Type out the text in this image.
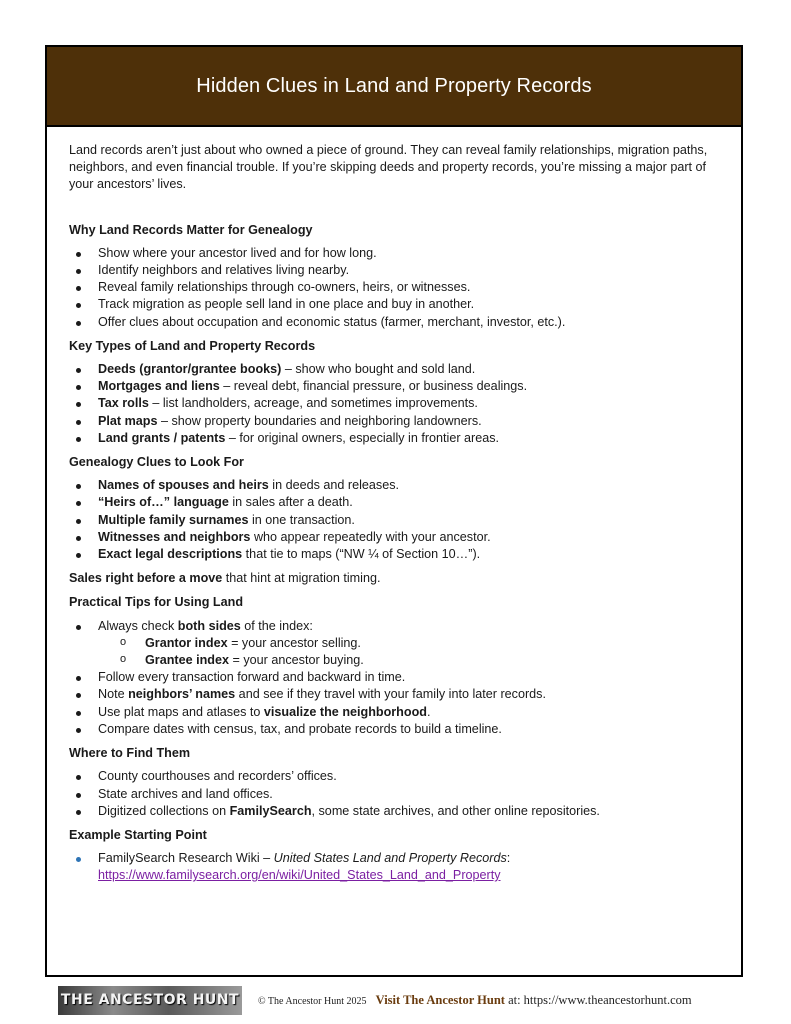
Hidden Clues in Land and Property Records

Land records aren’t just about who owned a piece of ground. They can reveal family relationships, migration paths, neighbors, and even financial trouble. If you’re skipping deeds and property records, you’re missing a major part of your ancestors’ lives.

Why Land Records Matter for Genealogy
Show where your ancestor lived and for how long.
Identify neighbors and relatives living nearby.
Reveal family relationships through co-owners, heirs, or witnesses.
Track migration as people sell land in one place and buy in another.
Offer clues about occupation and economic status (farmer, merchant, investor, etc.).
Key Types of Land and Property Records
Deeds (grantor/grantee books) – show who bought and sold land.
Mortgages and liens – reveal debt, financial pressure, or business dealings.
Tax rolls – list landholders, acreage, and sometimes improvements.
Plat maps – show property boundaries and neighboring landowners.
Land grants / patents – for original owners, especially in frontier areas.
Genealogy Clues to Look For
Names of spouses and heirs in deeds and releases.
“Heirs of…” language in sales after a death.
Multiple family surnames in one transaction.
Witnesses and neighbors who appear repeatedly with your ancestor.
Exact legal descriptions that tie to maps (“NW ¼ of Section 10…”).

Sales right before a move that hint at migration timing.

Practical Tips for Using Land
Always check both sides of the index:
o Grantor index = your ancestor selling.
o Grantee index = your ancestor buying.
Follow every transaction forward and backward in time.
Note neighbors’ names and see if they travel with your family into later records.
Use plat maps and atlases to visualize the neighborhood.
Compare dates with census, tax, and probate records to build a timeline.
Where to Find Them
County courthouses and recorders’ offices.
State archives and land offices.
Digitized collections on FamilySearch, some state archives, and other online repositories.
Example Starting Point
FamilySearch Research Wiki – United States Land and Property Records:
https://www.familysearch.org/en/wiki/United_States_Land_and_Property
THE ANCESTOR HUNT © The Ancestor Hunt 2025 Visit The Ancestor Hunt at: https://www.theancestorhunt.com
